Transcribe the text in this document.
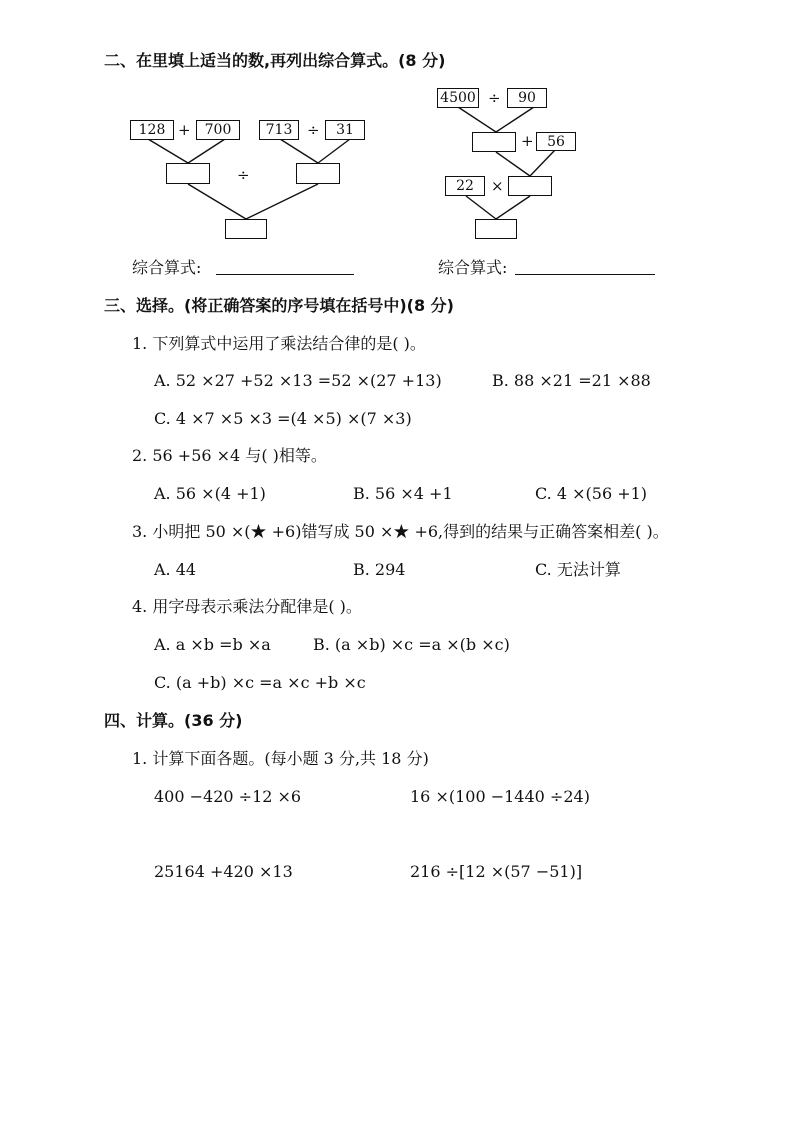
二、在里填上适当的数,再列出综合算式。(8 分)
128 +	700	713 ÷	31
÷
4500 ÷	90
+ 56
22	×
综合算式:	综合算式:
三、选择。(将正确答案的序号填在括号中)(8 分)
1. 下列算式中运用了乘法结合律的是( )。
A. 52 ×27 +52 ×13 =52 ×(27 +13)	B. 88 ×21 =21 ×88
C. 4 ×7 ×5 ×3 =(4 ×5) ×(7 ×3)
2. 56 +56 ×4 与( )相等。
A. 56 ×(4 +1)	B. 56 ×4 +1	C. 4 ×(56 +1)
3. 小明把 50 ×(★ +6)错写成 50 ×★ +6,得到的结果与正确答案相差( )。
A. 44	B. 294	C. 无法计算
4. 用字母表示乘法分配律是( )。
A. a ×b =b ×a	B. (a ×b) ×c =a ×(b ×c)
C. (a +b) ×c =a ×c +b ×c
四、计算。(36 分)
1. 计算下面各题。(每小题 3 分,共 18 分)
400 −420 ÷12 ×6	16 ×(100 −1440 ÷24)
25164 +420 ×13	216 ÷[12 ×(57 −51)]
